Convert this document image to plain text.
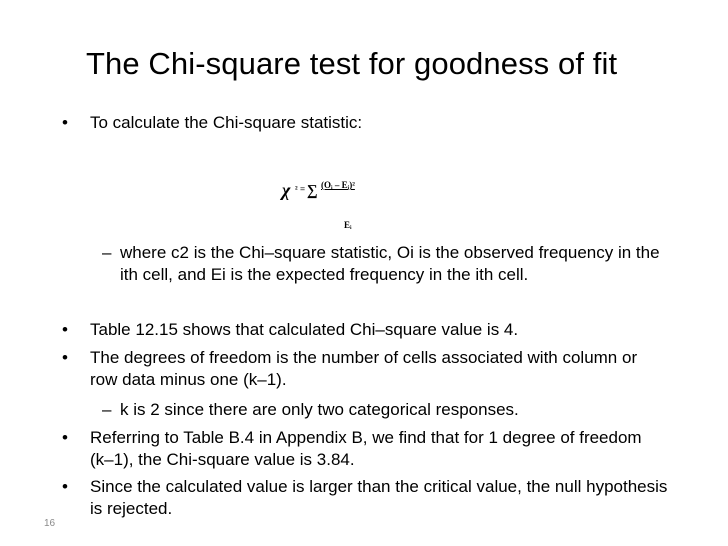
The Chi-square test for goodness of fit
• To calculate the Chi-square statistic:
χ ² = ∑ (Oᵢ – Eᵢ)²
Eᵢ
– where c2 is the Chi–square statistic, Oi is the observed frequency in the ith cell, and Ei is the expected frequency in the ith cell.
• Table 12.15 shows that calculated Chi–square value is 4.
• The degrees of freedom is the number of cells associated with column or row data minus one (k–1).
– k is 2 since there are only two categorical responses.
• Referring to Table B.4 in Appendix B, we find that for 1 degree of freedom (k–1), the Chi-square value is 3.84.
• Since the calculated value is larger than the critical value, the null hypothesis is rejected.
16
